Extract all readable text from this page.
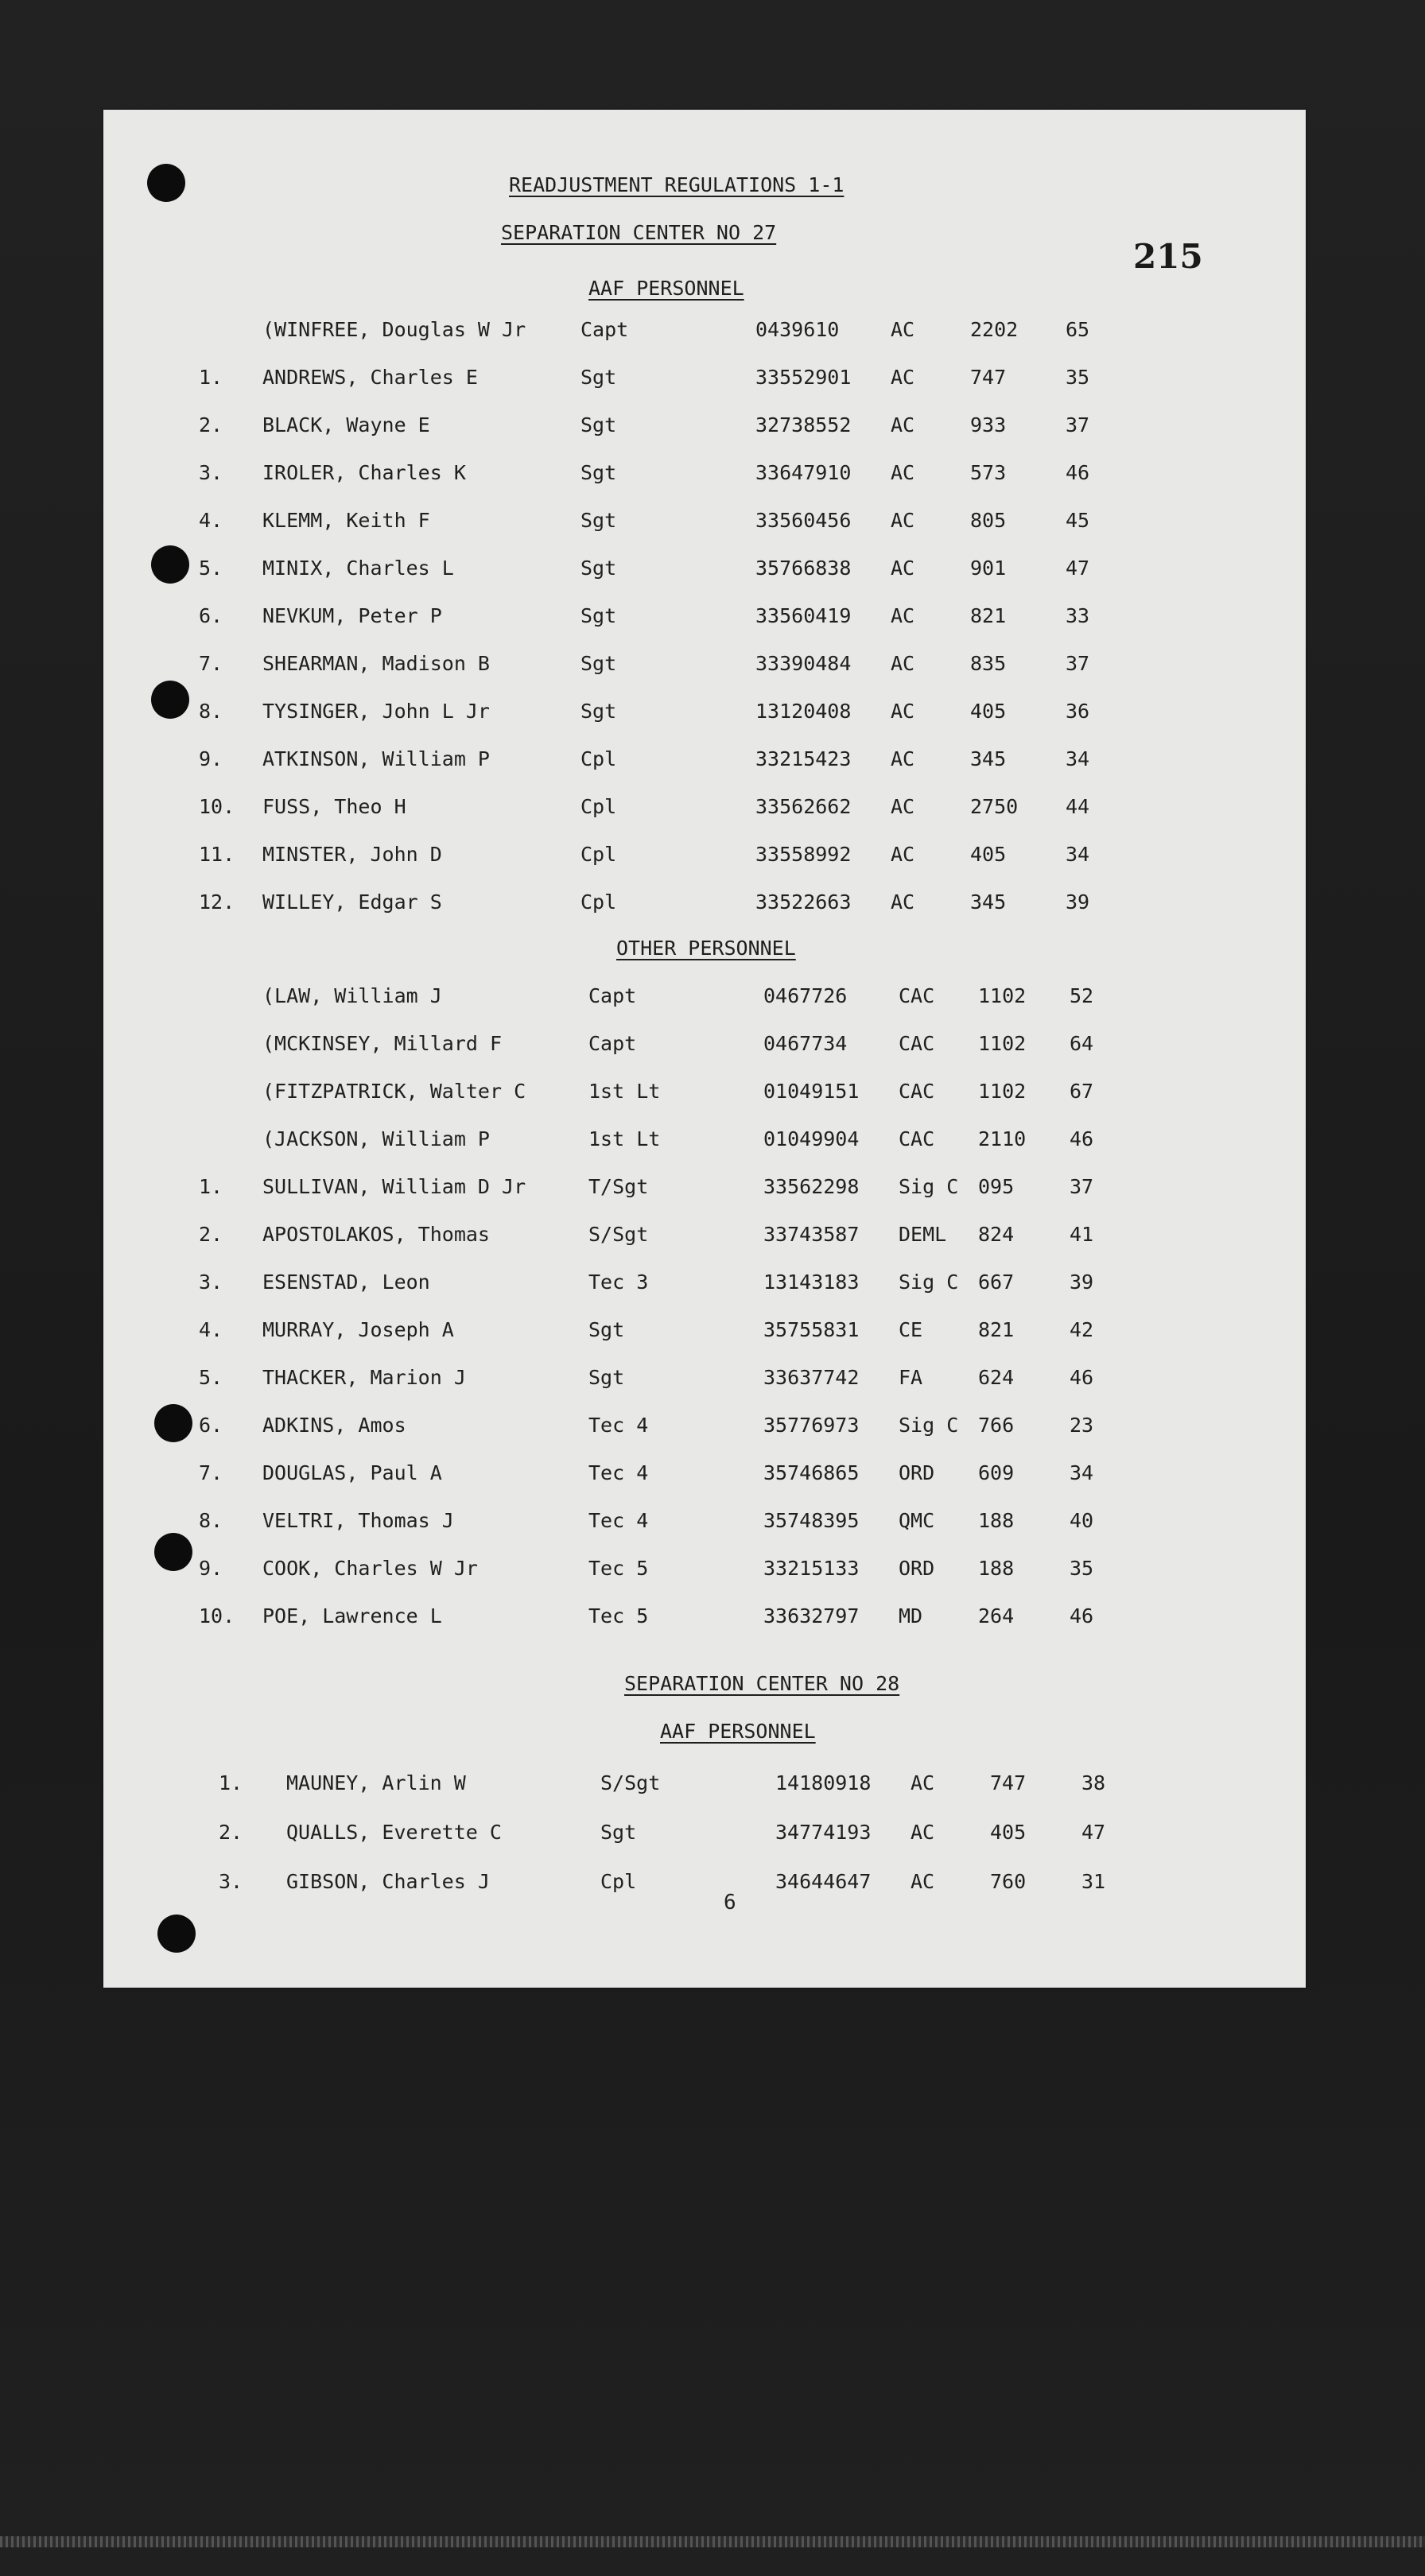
READJUSTMENT REGULATIONS 1-1
SEPARATION CENTER NO 27
215
AAF PERSONNEL
OTHER PERSONNEL
SEPARATION CENTER NO 28
AAF PERSONNEL
(WINFREE, Douglas W Jr	Capt	0439610	AC	2202 65
1. ANDREWS, Charles E	Sgt	33552901 AC	747	35
2. BLACK, Wayne E	Sgt	32738552 AC	933	37
3. IROLER, Charles K	Sgt	33647910 AC	573	46
4. KLEMM, Keith F	Sgt	33560456 AC	805	45
5. MINIX, Charles L	Sgt	35766838 AC	901	47
6. NEVKUM, Peter P	Sgt	33560419 AC	821	33
7. SHEARMAN, Madison B	Sgt	33390484 AC	835	37
8. TYSINGER, John L Jr	Sgt	13120408 AC	405	36
9. ATKINSON, William P	Cpl	33215423 AC	345	34
10. FUSS, Theo H	Cpl	33562662 AC	2750 44
11. MINSTER, John D	Cpl	33558992 AC	405	34
12. WILLEY, Edgar S	Cpl	33522663 AC	345	39
(LAW, William J	Capt	0467726	CAC 1102 52
(MCKINSEY, Millard F	Capt	0467734	CAC 1102 64
(FITZPATRICK, Walter C	1st Lt	01049151 CAC 1102 67
(JACKSON, William P	1st Lt	01049904 CAC 2110 46
1. SULLIVAN, William D Jr	T/Sgt	33562298 Sig C 095	37
2. APOSTOLAKOS, Thomas	S/Sgt	33743587 DEML 824	41
3. ESENSTAD, Leon	Tec 3	13143183 Sig C 667	39
4. MURRAY, Joseph A	Sgt	35755831 CE	821	42
5. THACKER, Marion J	Sgt	33637742 FA	624	46
6. ADKINS, Amos	Tec 4	35776973 Sig C 766	23
7. DOUGLAS, Paul A	Tec 4	35746865 ORD 609	34
8. VELTRI, Thomas J	Tec 4	35748395 QMC 188	40
9. COOK, Charles W Jr	Tec 5	33215133 ORD 188	35
10. POE, Lawrence L	Tec 5	33632797 MD	264	46
1. MAUNEY, Arlin W	S/Sgt	14180918 AC	747	38
2. QUALLS, Everette C	Sgt	34774193 AC	405	47
3. GIBSON, Charles J	Cpl	34644647 AC	760	31
6
